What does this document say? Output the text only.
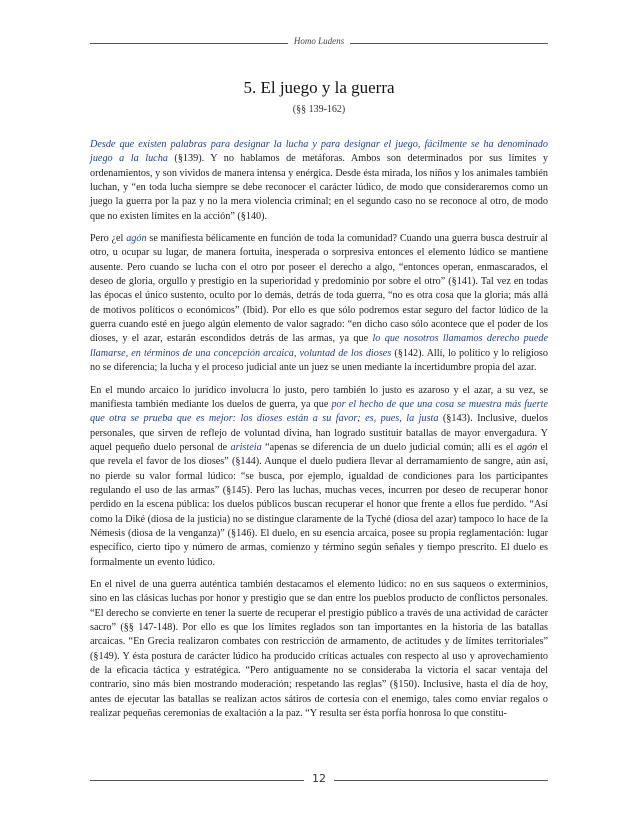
Homo Ludens
5. El juego y la guerra
(§§ 139-162)

Desde que existen palabras para designar la lucha y para designar el juego, fácilmente se ha denominado juego a la lucha (§139). Y no hablamos de metáforas. Ambos son determinados por sus límites y ordenamientos, y son vividos de manera intensa y enérgica. Desde ésta mirada, los niños y los animales también luchan, y “en toda lucha siempre se debe reconocer el carácter lúdico, de modo que consideraremos como un juego la guerra por la paz y no la mera violencia criminal; en el segundo caso no se reconoce al otro, de modo que no existen límites en la acción” (§140).

Pero ¿el agón se manifiesta bélicamente en función de toda la comunidad? Cuando una guerra busca destruir al otro, u ocupar su lugar, de manera fortuita, inesperada o sorpresiva entonces el elemento lúdico se mantiene ausente. Pero cuando se lucha con el otro por poseer el derecho a algo, “entonces operan, enmascarados, el deseo de gloria, orgullo y prestigio en la superioridad y predominio por sobre el otro” (§141). Tal vez en todas las épocas el único sustento, oculto por lo demás, detrás de toda guerra, “no es otra cosa que la gloria; más allá de motivos políticos o económicos” (Ibid). Por ello es que sólo podremos estar seguro del factor lúdico de la guerra cuando esté en juego algún elemento de valor sagrado: “en dicho caso sólo acontece que el poder de los dioses, y el azar, estarán escondidos detrás de las armas, ya que lo que nosotros llamamos derecho puede llamarse, en términos de una concepción arcaica, voluntad de los dioses (§142). Allí, lo político y lo religioso no se diferencia; la lucha y el proceso judicial ante un juez se unen mediante la incertidumbre propia del azar.

En el mundo arcaico lo jurídico involucra lo justo, pero también lo justo es azaroso y el azar, a su vez, se manifiesta también mediante los duelos de guerra, ya que por el hecho de que una cosa se muestra más fuerte que otra se prueba que es mejor: los dioses están a su favor; es, pues, la justa (§143). Inclusive, duelos personales, que sirven de reflejo de voluntad divina, han logrado sustituir batallas de mayor envergadura. Y aquel pequeño duelo personal de aristeia “apenas se diferencia de un duelo judicial común; allí es el agón el que revela el favor de los dioses” (§144). Aunque el duelo pudiera llevar al derramamiento de sangre, aún así, no pierde su valor formal lúdico: “se busca, por ejemplo, igualdad de condiciones para los participantes regulando el uso de las armas” (§145). Pero las luchas, muchas veces, incurren por deseo de recuperar honor perdido en la escena pública: los duelos públicos buscan recuperar el honor que frente a ellos fue perdido. “Así como la Diké (diosa de la justicia) no se distingue claramente de la Tyché (diosa del azar) tampoco lo hace de la Némesis (diosa de la venganza)” (§146). El duelo, en su esencia arcaica, posee su propia reglamentación: lugar específico, cierto tipo y número de armas, comienzo y término según señales y tiempo prescrito. El duelo es formalmente un evento lúdico.

En el nivel de una guerra auténtica también destacamos el elemento lúdico: no en sus saqueos o exterminios, sino en las clásicas luchas por honor y prestigio que se dan entre los pueblos producto de conflictos personales. “El derecho se convierte en tener la suerte de recuperar el prestigio público a través de una actividad de carácter sacro” (§§ 147-148). Por ello es que los límites reglados son tan importantes en la historia de las batallas arcaicas. “En Grecia realizaron combates con restricción de armamento, de actitudes y de límites territoriales” (§149). Y ésta postura de carácter lúdico ha producido críticas actuales con respecto al uso y aprovechamiento de la eficacia táctica y estratégica. “Pero antiguamente no se consideraba la victoria el sacar ventaja del contrario, sino más bien mostrando moderación; respetando las reglas” (§150). Inclusive, hasta el día de hoy, antes de ejecutar las batallas se realizan actos sátiros de cortesía con el enemigo, tales como enviar regalos o realizar pequeñas ceremonias de exaltación a la paz. “Y resulta ser ésta porfía honrosa lo que constitu-

12
